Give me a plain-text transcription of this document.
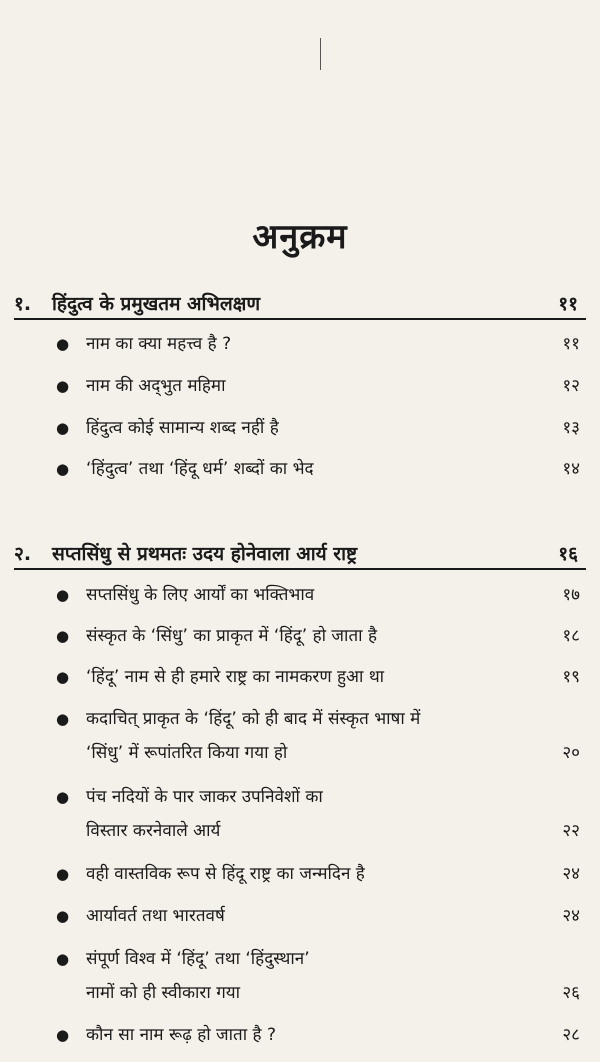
अनुक्रम
१. हिंदुत्व के प्रमुखतम अभिलक्षण	११
● नाम का क्या महत्त्व है ?	११
● नाम की अद्‍भुत महिमा	१२
● हिंदुत्व कोई सामान्य शब्द नहीं है	१३
● ‘हिंदुत्व’ तथा ‘हिंदू धर्म’ शब्दों का भेद	१४
२. सप्तसिंधु से प्रथमतः उदय होनेवाला आर्य राष्ट्र	१६
● सप्तसिंधु के लिए आर्यों का भक्तिभाव	१७
● संस्कृत के ‘सिंधु’ का प्राकृत में ‘हिंदू’ हो जाता है	१८
● ‘हिंदू’ नाम से ही हमारे राष्ट्र का नामकरण हुआ था	१९
● कदाचित् प्राकृत के ‘हिंदू’ को ही बाद में संस्कृत भाषा में
‘सिंधु’ में रूपांतरित किया गया हो	२०
● पंच नदियों के पार जाकर उपनिवेशों का
विस्तार करनेवाले आर्य	२२
● वही वास्तविक रूप से हिंदू राष्ट्र का जन्मदिन है	२४
● आर्यावर्त तथा भारतवर्ष	२४
● संपूर्ण विश्व में ‘हिंदू’ तथा ‘हिंदुस्थान’
नामों को ही स्वीकारा गया	२६
● कौन सा नाम रूढ़ हो जाता है ?	२८
